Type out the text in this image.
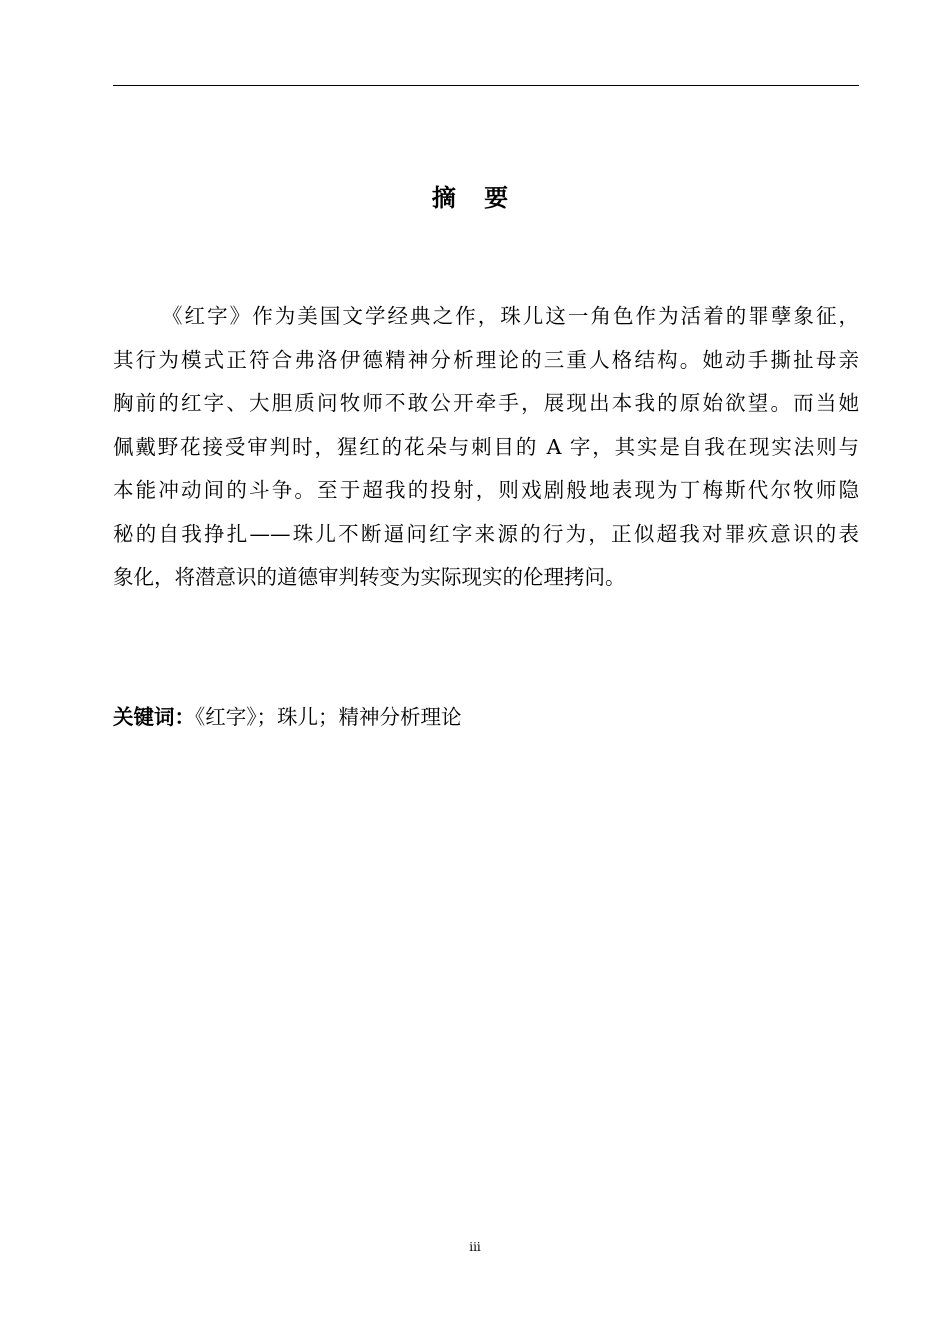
摘 要
《红字》作为美国文学经典之作，珠儿这一角色作为活着的罪孽象征，
其行为模式正符合弗洛伊德精神分析理论的三重人格结构。她动手撕扯母亲
胸前的红字、大胆质问牧师不敢公开牵手，展现出本我的原始欲望。而当她
佩戴野花接受审判时，猩红的花朵与刺目的 A 字，其实是自我在现实法则与
本能冲动间的斗争。至于超我的投射，则戏剧般地表现为丁梅斯代尔牧师隐
秘的自我挣扎——珠儿不断逼问红字来源的行为，正似超我对罪疚意识的表
象化，将潜意识的道德审判转变为实际现实的伦理拷问。
关键词：《红字》；珠儿；精神分析理论
iii
